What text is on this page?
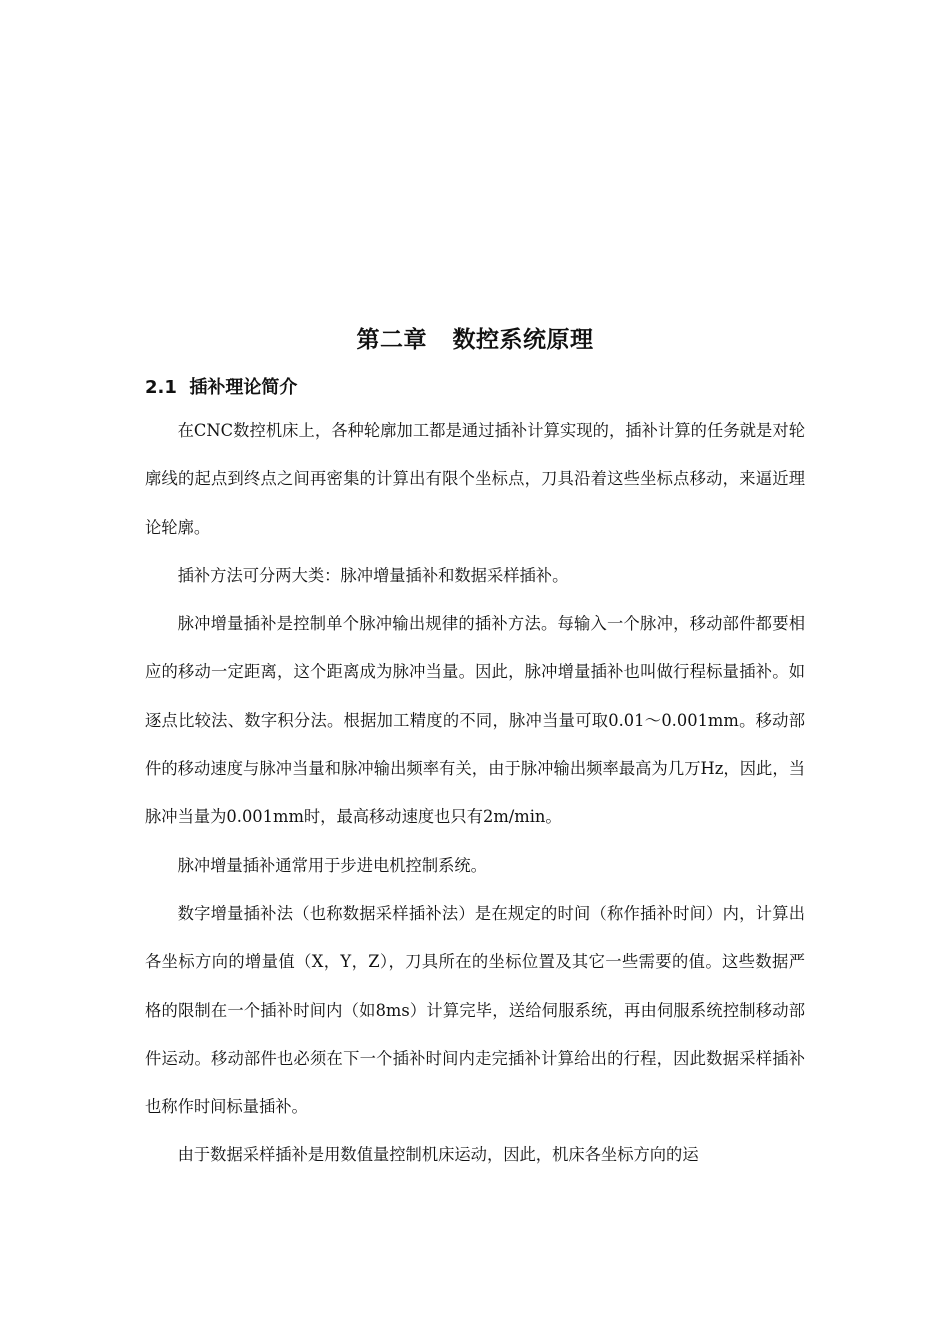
第二章   数控系统原理
2.1  插补理论简介

在CNC数控机床上，各种轮廓加工都是通过插补计算实现的，插补计算的任务就是对轮廓线的起点到终点之间再密集的计算出有限个坐标点，刀具沿着这些坐标点移动，来逼近理论轮廓。

插补方法可分两大类：脉冲增量插补和数据采样插补。

脉冲增量插补是控制单个脉冲输出规律的插补方法。每输入一个脉冲，移动部件都要相应的移动一定距离，这个距离成为脉冲当量。因此，脉冲增量插补也叫做行程标量插补。如逐点比较法、数字积分法。根据加工精度的不同，脉冲当量可取0.01～0.001mm。移动部件的移动速度与脉冲当量和脉冲输出频率有关，由于脉冲输出频率最高为几万Hz，因此，当脉冲当量为0.001mm时，最高移动速度也只有2m/min。

脉冲增量插补通常用于步进电机控制系统。

数字增量插补法（也称数据采样插补法）是在规定的时间（称作插补时间）内，计算出各坐标方向的增量值（X，Y，Z），刀具所在的坐标位置及其它一些需要的值。这些数据严格的限制在一个插补时间内（如8ms）计算完毕，送给伺服系统，再由伺服系统控制移动部件运动。移动部件也必须在下一个插补时间内走完插补计算给出的行程，因此数据采样插补也称作时间标量插补。

由于数据采样插补是用数值量控制机床运动，因此，机床各坐标方向的运
